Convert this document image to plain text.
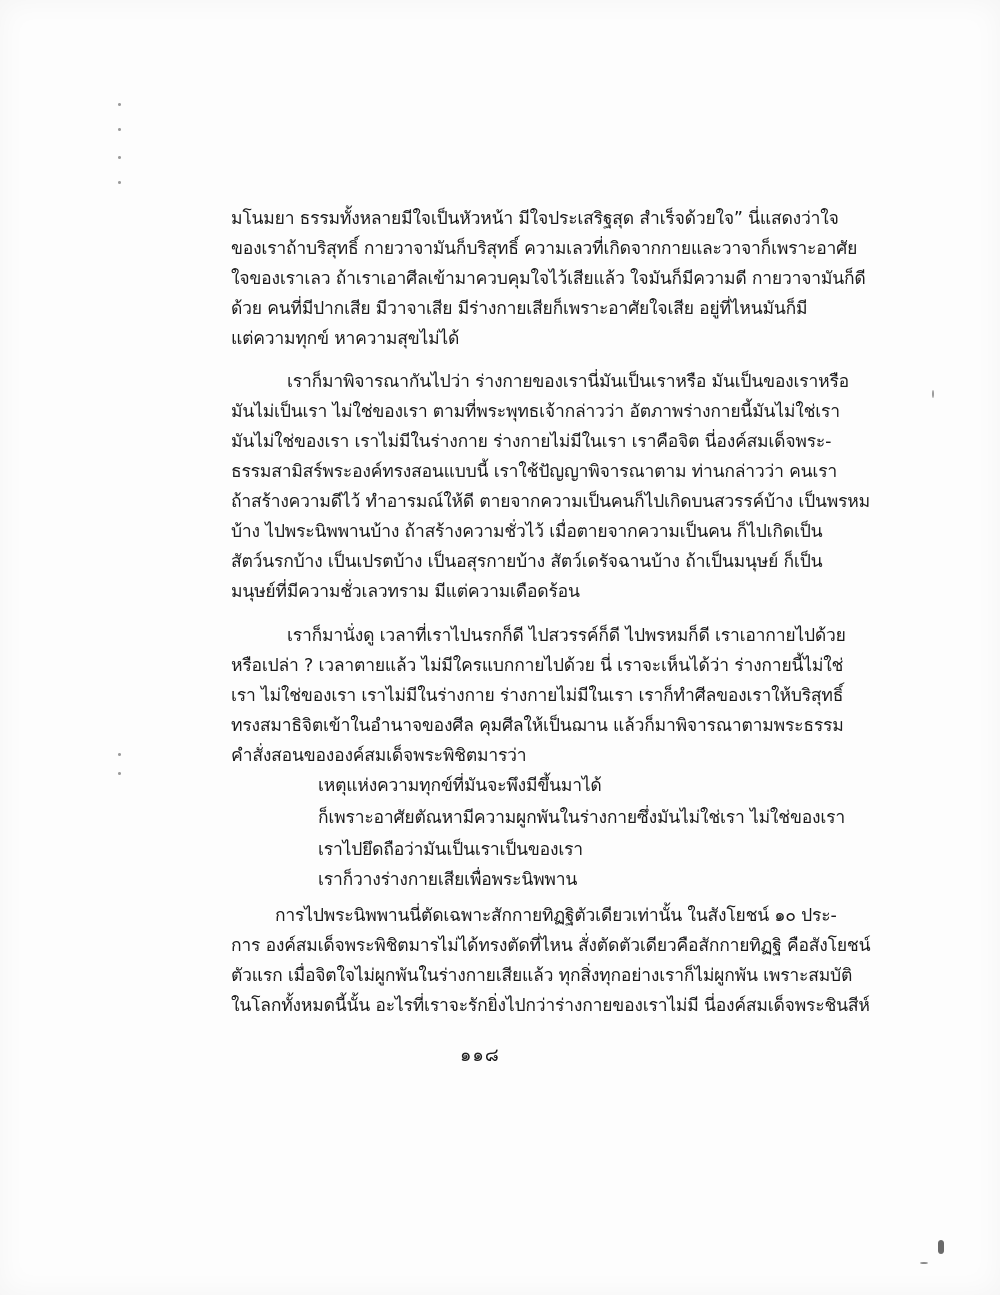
มโนมยา ธรรมทั้งหลายมีใจเป็นหัวหน้า มีใจประเสริฐสุด สำเร็จด้วยใจ” นี่แสดงว่าใจ
ของเราถ้าบริสุทธิ์ กายวาจามันก็บริสุทธิ์ ความเลวที่เกิดจากกายและวาจาก็เพราะอาศัย
ใจของเราเลว ถ้าเราเอาศีลเข้ามาควบคุมใจไว้เสียแล้ว ใจมันก็มีความดี กายวาจามันก็ดี
ด้วย คนที่มีปากเสีย มีวาจาเสีย มีร่างกายเสียก็เพราะอาศัยใจเสีย อยู่ที่ไหนมันก็มี
แต่ความทุกข์ หาความสุขไม่ได้
เราก็มาพิจารณากันไปว่า ร่างกายของเรานี่มันเป็นเราหรือ มันเป็นของเราหรือ
มันไม่เป็นเรา ไม่ใช่ของเรา ตามที่พระพุทธเจ้ากล่าวว่า อัตภาพร่างกายนี้มันไม่ใช่เรา
มันไม่ใช่ของเรา เราไม่มีในร่างกาย ร่างกายไม่มีในเรา เราคือจิต นี่องค์สมเด็จพระ-
ธรรมสามิสร์พระองค์ทรงสอนแบบนี้ เราใช้ปัญญาพิจารณาตาม ท่านกล่าวว่า คนเรา
ถ้าสร้างความดีไว้ ทำอารมณ์ให้ดี ตายจากความเป็นคนก็ไปเกิดบนสวรรค์บ้าง เป็นพรหม
บ้าง ไปพระนิพพานบ้าง ถ้าสร้างความชั่วไว้ เมื่อตายจากความเป็นคน ก็ไปเกิดเป็น
สัตว์นรกบ้าง เป็นเปรตบ้าง เป็นอสุรกายบ้าง สัตว์เดรัจฉานบ้าง ถ้าเป็นมนุษย์ ก็เป็น
มนุษย์ที่มีความชั่วเลวทราม มีแต่ความเดือดร้อน
เราก็มานั่งดู เวลาที่เราไปนรกก็ดี ไปสวรรค์ก็ดี ไปพรหมก็ดี เราเอากายไปด้วย
หรือเปล่า ? เวลาตายแล้ว ไม่มีใครแบกกายไปด้วย นี่ เราจะเห็นได้ว่า ร่างกายนี้ไม่ใช่
เรา ไม่ใช่ของเรา เราไม่มีในร่างกาย ร่างกายไม่มีในเรา เราก็ทำศีลของเราให้บริสุทธิ์
ทรงสมาธิจิตเข้าในอำนาจของศีล คุมศีลให้เป็นฌาน แล้วก็มาพิจารณาตามพระธรรม
คำสั่งสอนขององค์สมเด็จพระพิชิตมารว่า
เหตุแห่งความทุกข์ที่มันจะพึงมีขึ้นมาได้
ก็เพราะอาศัยตัณหามีความผูกพันในร่างกายซึ่งมันไม่ใช่เรา ไม่ใช่ของเรา
เราไปยึดถือว่ามันเป็นเราเป็นของเรา
เราก็วางร่างกายเสียเพื่อพระนิพพาน
การไปพระนิพพานนี่ตัดเฉพาะสักกายทิฏฐิตัวเดียวเท่านั้น ในสังโยชน์ ๑๐ ประ-
การ องค์สมเด็จพระพิชิตมารไม่ได้ทรงตัดที่ไหน สั่งตัดตัวเดียวคือสักกายทิฏฐิ คือสังโยชน์
ตัวแรก เมื่อจิตใจไม่ผูกพันในร่างกายเสียแล้ว ทุกสิ่งทุกอย่างเราก็ไม่ผูกพัน เพราะสมบัติ
ในโลกทั้งหมดนี้นั้น อะไรที่เราจะรักยิ่งไปกว่าร่างกายของเราไม่มี นี่องค์สมเด็จพระชินสีห์
๑๑๘
